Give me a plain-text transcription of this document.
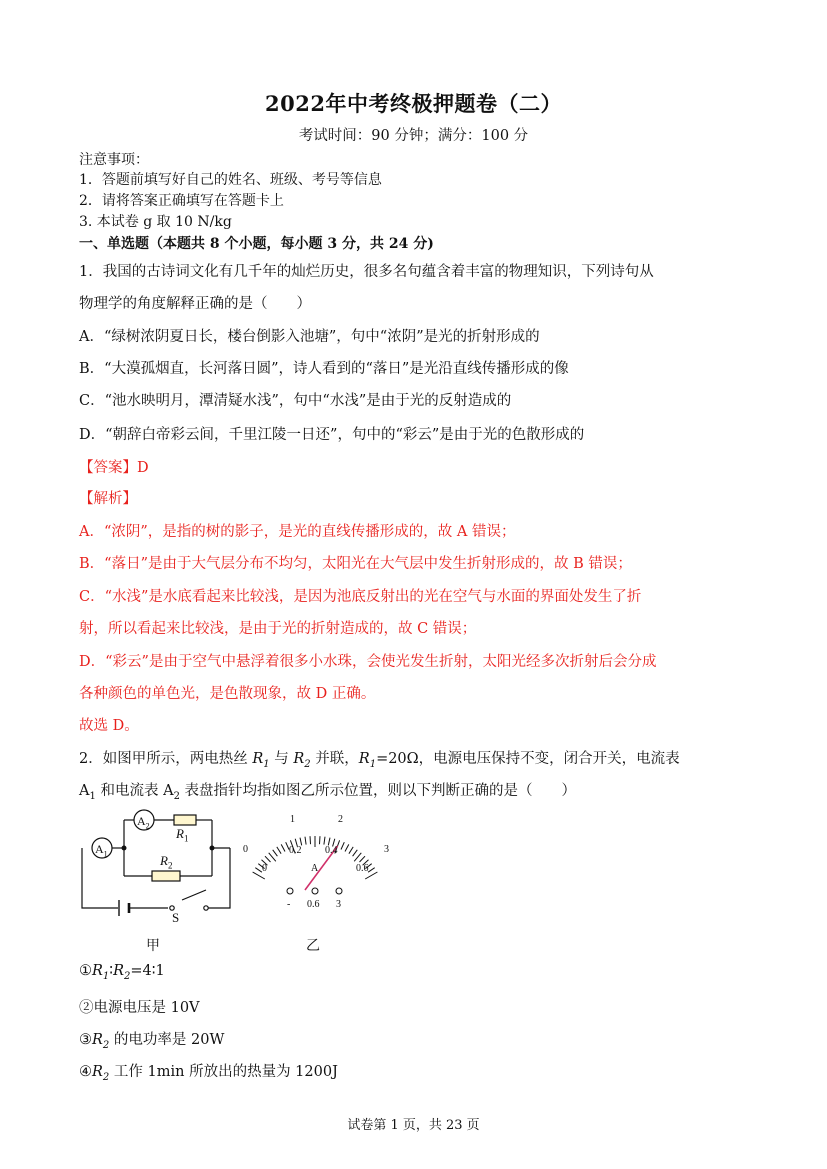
2022年中考终极押题卷（二）
考试时间：90 分钟；满分：100 分
注意事项：
1．答题前填写好自己的姓名、班级、考号等信息
2．请将答案正确填写在答题卡上
3. 本试卷 g 取 10 N/kg
一、单选题（本题共 8 个小题，每小题 3 分，共 24 分)
1．我国的古诗词文化有几千年的灿烂历史，很多名句蕴含着丰富的物理知识，下列诗句从
物理学的角度解释正确的是（　　）
A．“绿树浓阴夏日长，楼台倒影入池塘”，句中“浓阴”是光的折射形成的
B．“大漠孤烟直，长河落日圆”，诗人看到的“落日”是光沿直线传播形成的像
C．“池水映明月，潭清疑水浅”，句中“水浅”是由于光的反射造成的
D．“朝辞白帝彩云间，千里江陵一日还”，句中的“彩云”是由于光的色散形成的
【答案】D
【解析】
A．“浓阴”，是指的树的影子，是光的直线传播形成的，故 A 错误；
B．“落日”是由于大气层分布不均匀，太阳光在大气层中发生折射形成的，故 B 错误；
C．“水浅”是水底看起来比较浅，是因为池底反射出的光在空气与水面的界面处发生了折
射，所以看起来比较浅，是由于光的折射造成的，故 C 错误；
D．“彩云”是由于空气中悬浮着很多小水珠，会使光发生折射，太阳光经多次折射后会分成
各种颜色的单色光，是色散现象，故 D 正确。
故选 D。
2．如图甲所示，两电热丝 $R_1$ 与 $R_2$ 并联，$R_1=20\Omega$，电源电压保持不变，闭合开关，电流表
$A_1$ 和电流表 $A_2$ 表盘指针均指如图乙所示位置，则以下判断正确的是（　　）
$A_2$
$A_1$
$R_1$
$R_2$
S
甲
0
1	2
3
0
0.2 0.4
0.6
A
- 0.6 3
乙
$①R_1∶R_2=4∶1$
②电源电压是 10V
$③R_2$ 的电功率是 20W
$④R_2$ 工作 1min 所放出的热量为 1200J
试卷第 1 页，共 23 页
